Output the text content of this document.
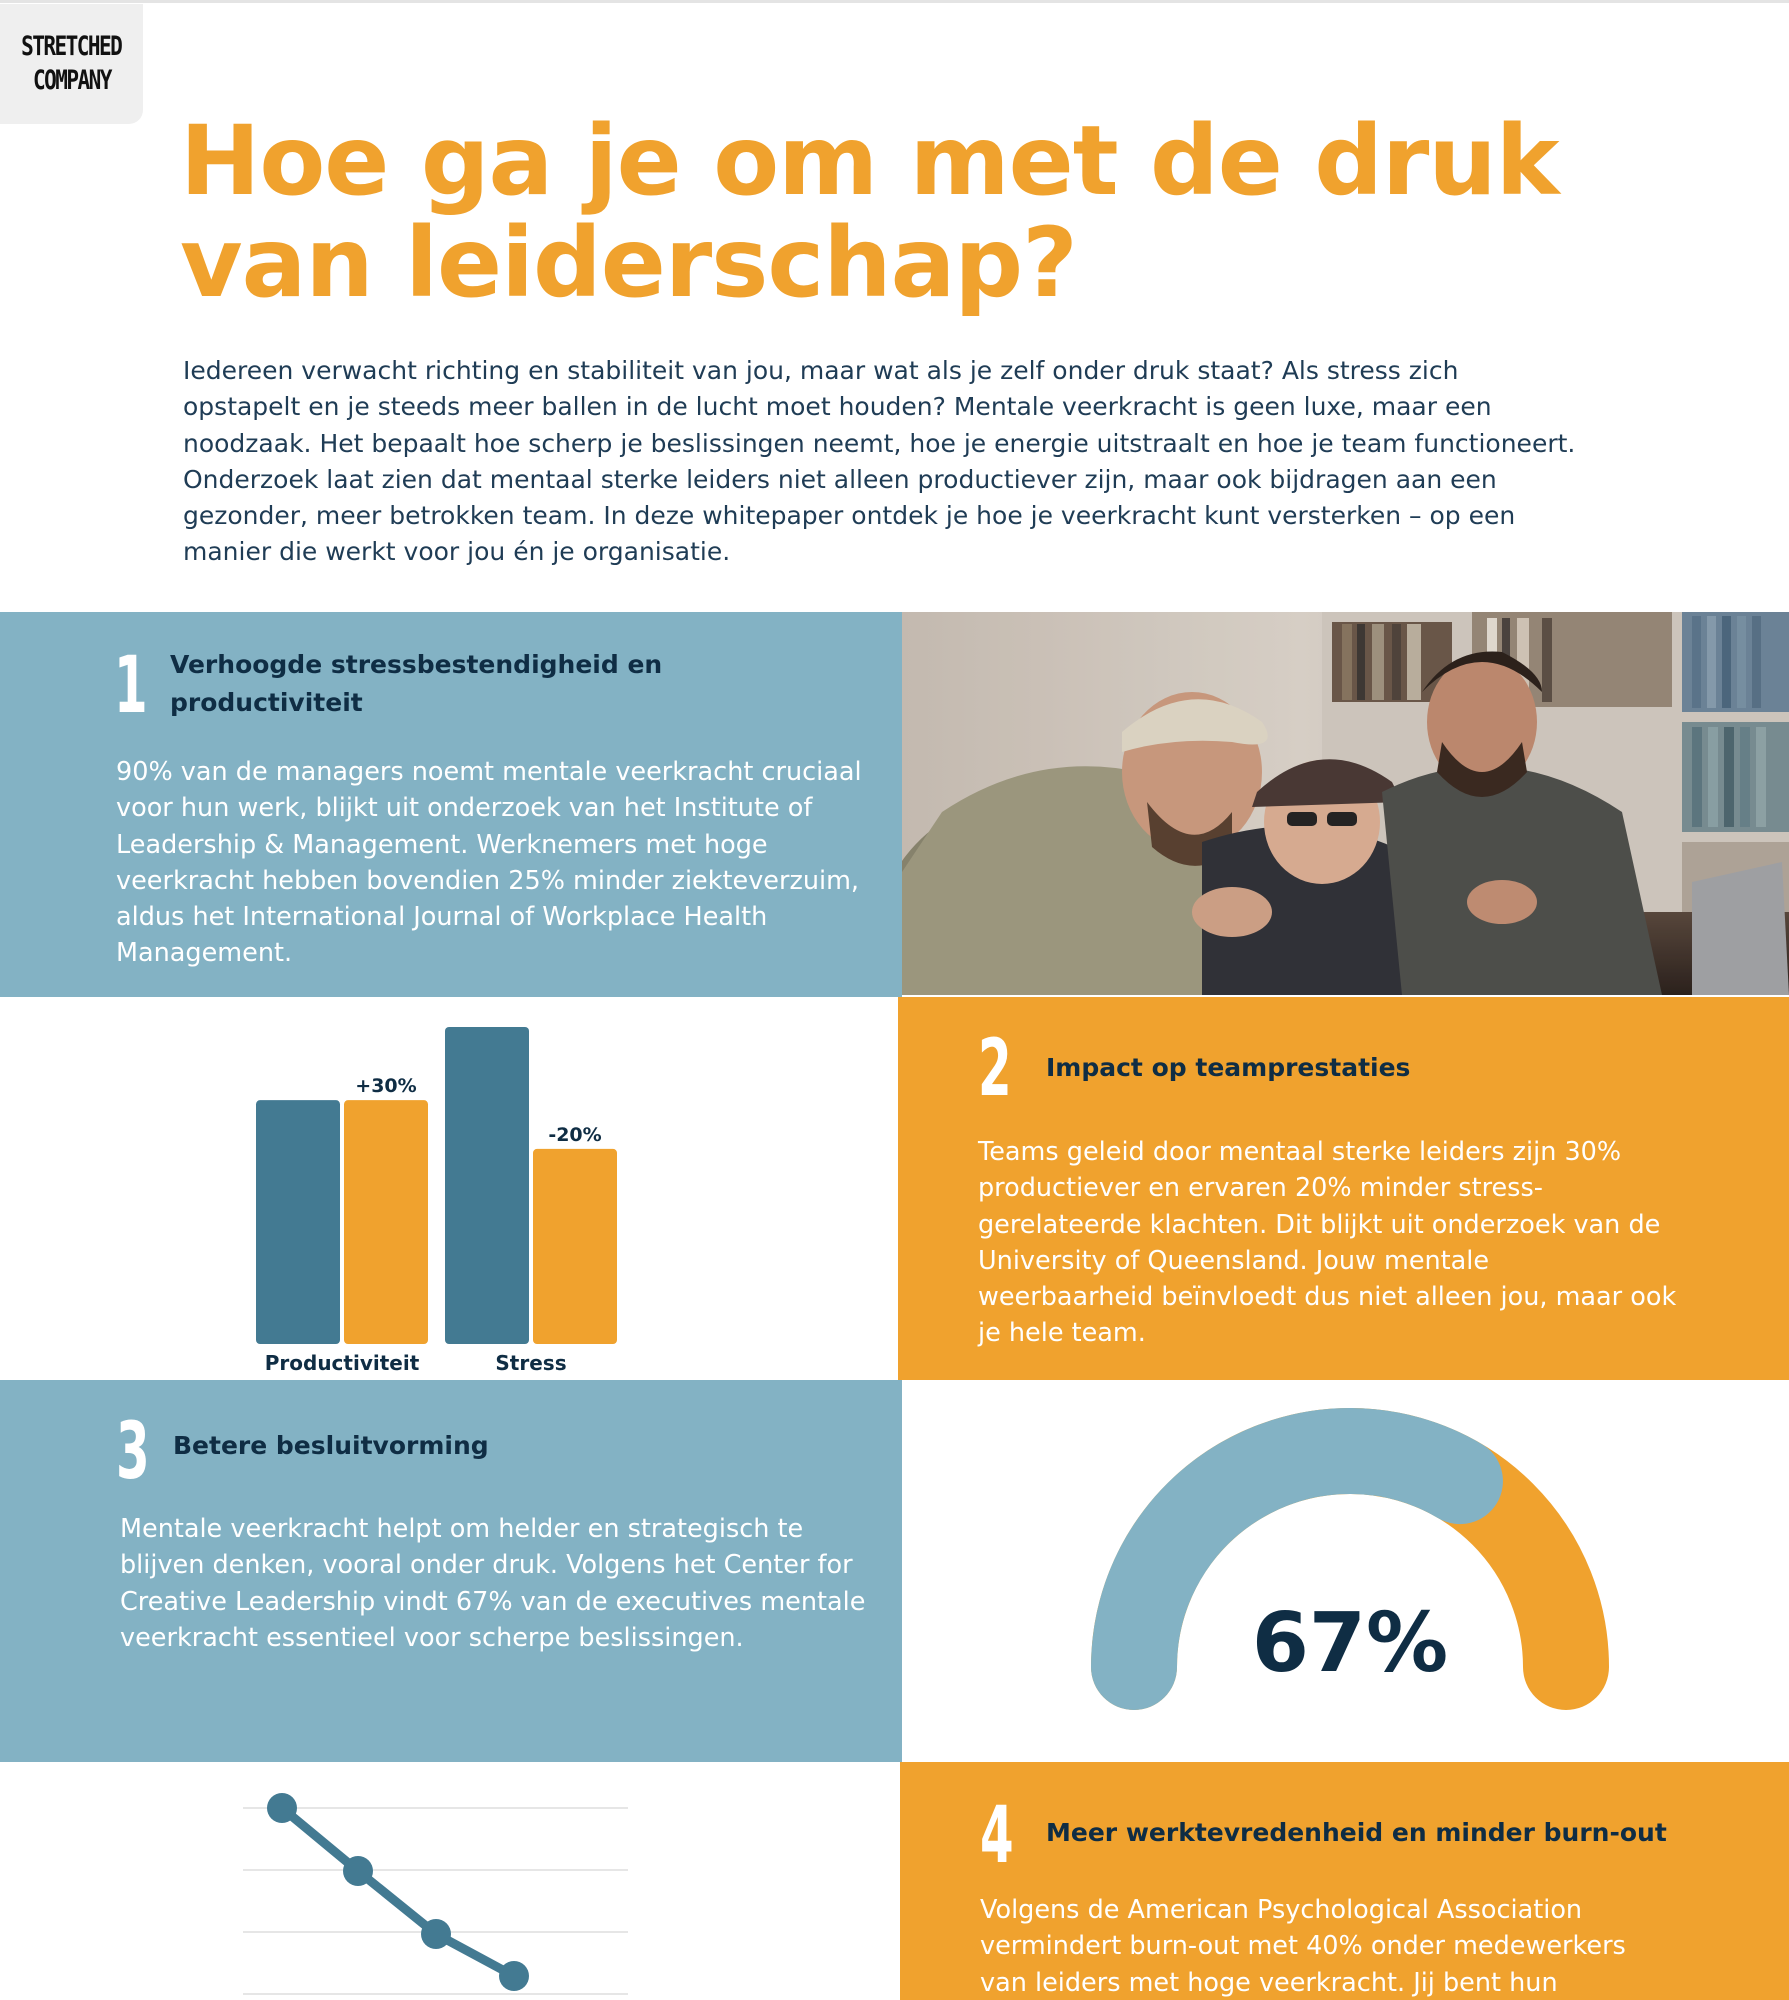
STRETCHED
COMPANY
Hoe ga je om met de druk
van leiderschap?
Iedereen verwacht richting en stabiliteit van jou, maar wat als je zelf onder druk staat? Als stress zich
opstapelt en je steeds meer ballen in de lucht moet houden? Mentale veerkracht is geen luxe, maar een
noodzaak. Het bepaalt hoe scherp je beslissingen neemt, hoe je energie uitstraalt en hoe je team functioneert.
Onderzoek laat zien dat mentaal sterke leiders niet alleen productiever zijn, maar ook bijdragen aan een
gezonder, meer betrokken team. In deze whitepaper ontdek je hoe je veerkracht kunt versterken – op een
manier die werkt voor jou én je organisatie.
1 Verhoogde stressbestendigheid en
productiviteit
90% van de managers noemt mentale veerkracht cruciaal
voor hun werk, blijkt uit onderzoek van het Institute of
Leadership & Management. Werknemers met hoge
veerkracht hebben bovendien 25% minder ziekteverzuim,
aldus het International Journal of Workplace Health
Management.
+30%
Productiviteit
-20%
Stress
2 Impact op teamprestaties
Teams geleid door mentaal sterke leiders zijn 30%
productiever en ervaren 20% minder stress-
gerelateerde klachten. Dit blijkt uit onderzoek van de
University of Queensland. Jouw mentale
weerbaarheid beïnvloedt dus niet alleen jou, maar ook
je hele team.
3 Betere besluitvorming
Mentale veerkracht helpt om helder en strategisch te
blijven denken, vooral onder druk. Volgens het Center for
Creative Leadership vindt 67% van de executives mentale
veerkracht essentieel voor scherpe beslissingen.	67%
4 Meer werktevredenheid en minder burn-out
Volgens de American Psychological Association
vermindert burn-out met 40% onder medewerkers
van leiders met hoge veerkracht. Jij bent hun
